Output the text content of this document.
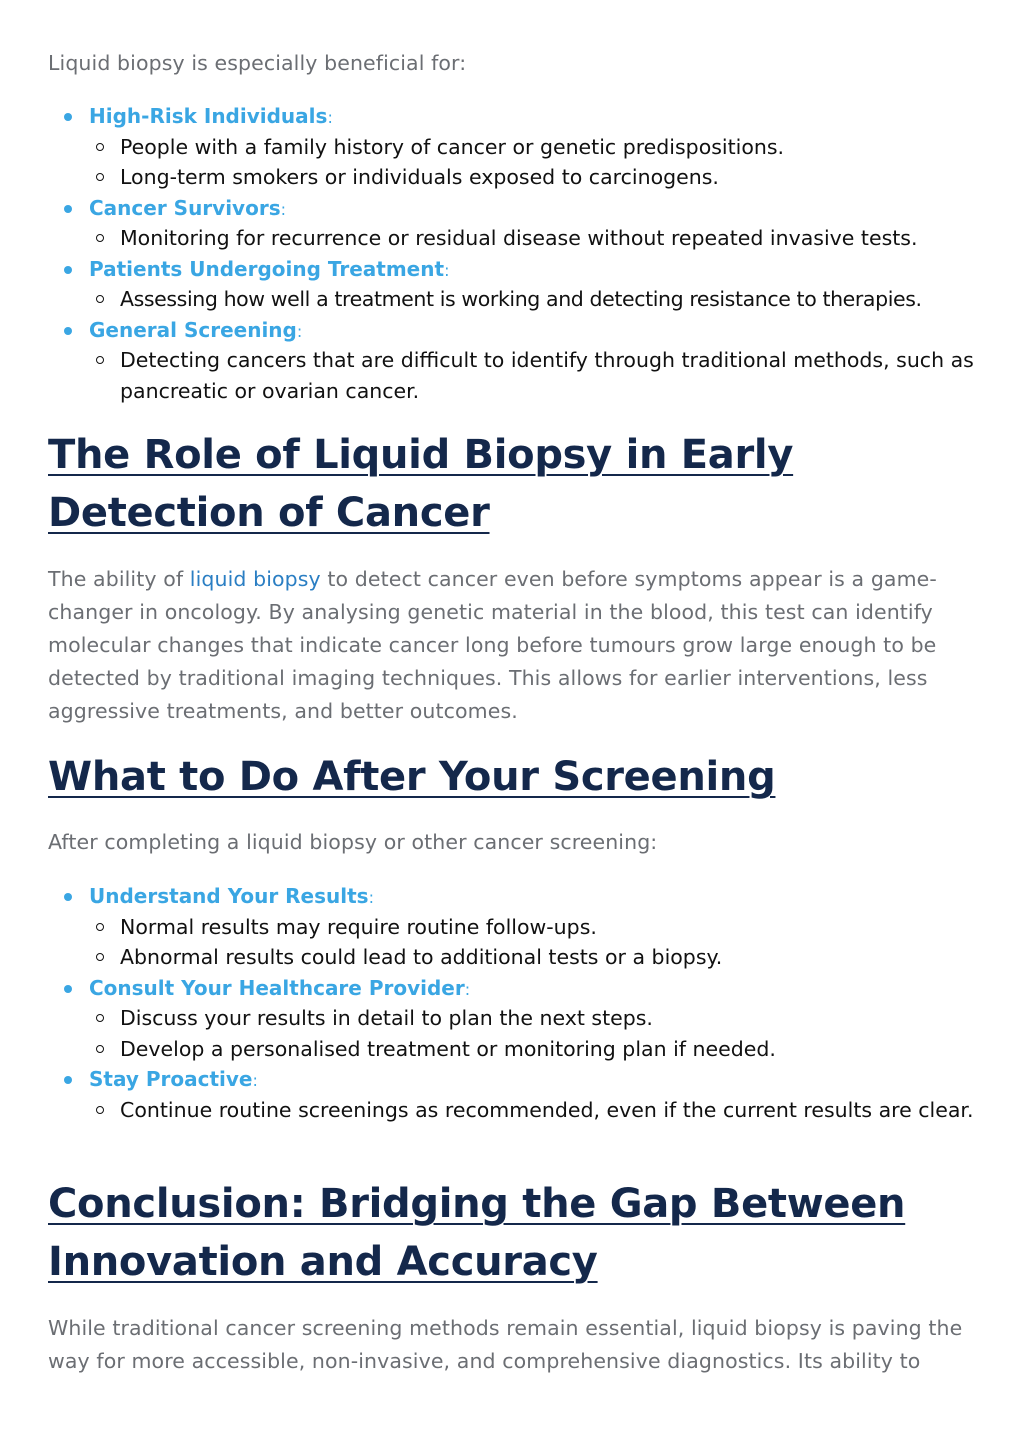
Liquid biopsy is especially beneficial for:

High-Risk Individuals:
People with a family history of cancer or genetic predispositions.
Long-term smokers or individuals exposed to carcinogens.
Cancer Survivors:
Monitoring for recurrence or residual disease without repeated invasive tests.
Patients Undergoing Treatment:
Assessing how well a treatment is working and detecting resistance to therapies.
General Screening:
Detecting cancers that are difficult to identify through traditional methods, such as pancreatic or ovarian cancer.
The Role of Liquid Biopsy in Early Detection of Cancer

The ability of liquid biopsy to detect cancer even before symptoms appear is a game-changer in oncology. By analysing genetic material in the blood, this test can identify molecular changes that indicate cancer long before tumours grow large enough to be detected by traditional imaging techniques. This allows for earlier interventions, less aggressive treatments, and better outcomes.

What to Do After Your Screening

After completing a liquid biopsy or other cancer screening:

Understand Your Results:
Normal results may require routine follow-ups.
Abnormal results could lead to additional tests or a biopsy.
Consult Your Healthcare Provider:
Discuss your results in detail to plan the next steps.
Develop a personalised treatment or monitoring plan if needed.
Stay Proactive:
Continue routine screenings as recommended, even if the current results are clear.
Conclusion: Bridging the Gap Between Innovation and Accuracy

While traditional cancer screening methods remain essential, liquid biopsy is paving the way for more accessible, non-invasive, and comprehensive diagnostics. Its ability to
